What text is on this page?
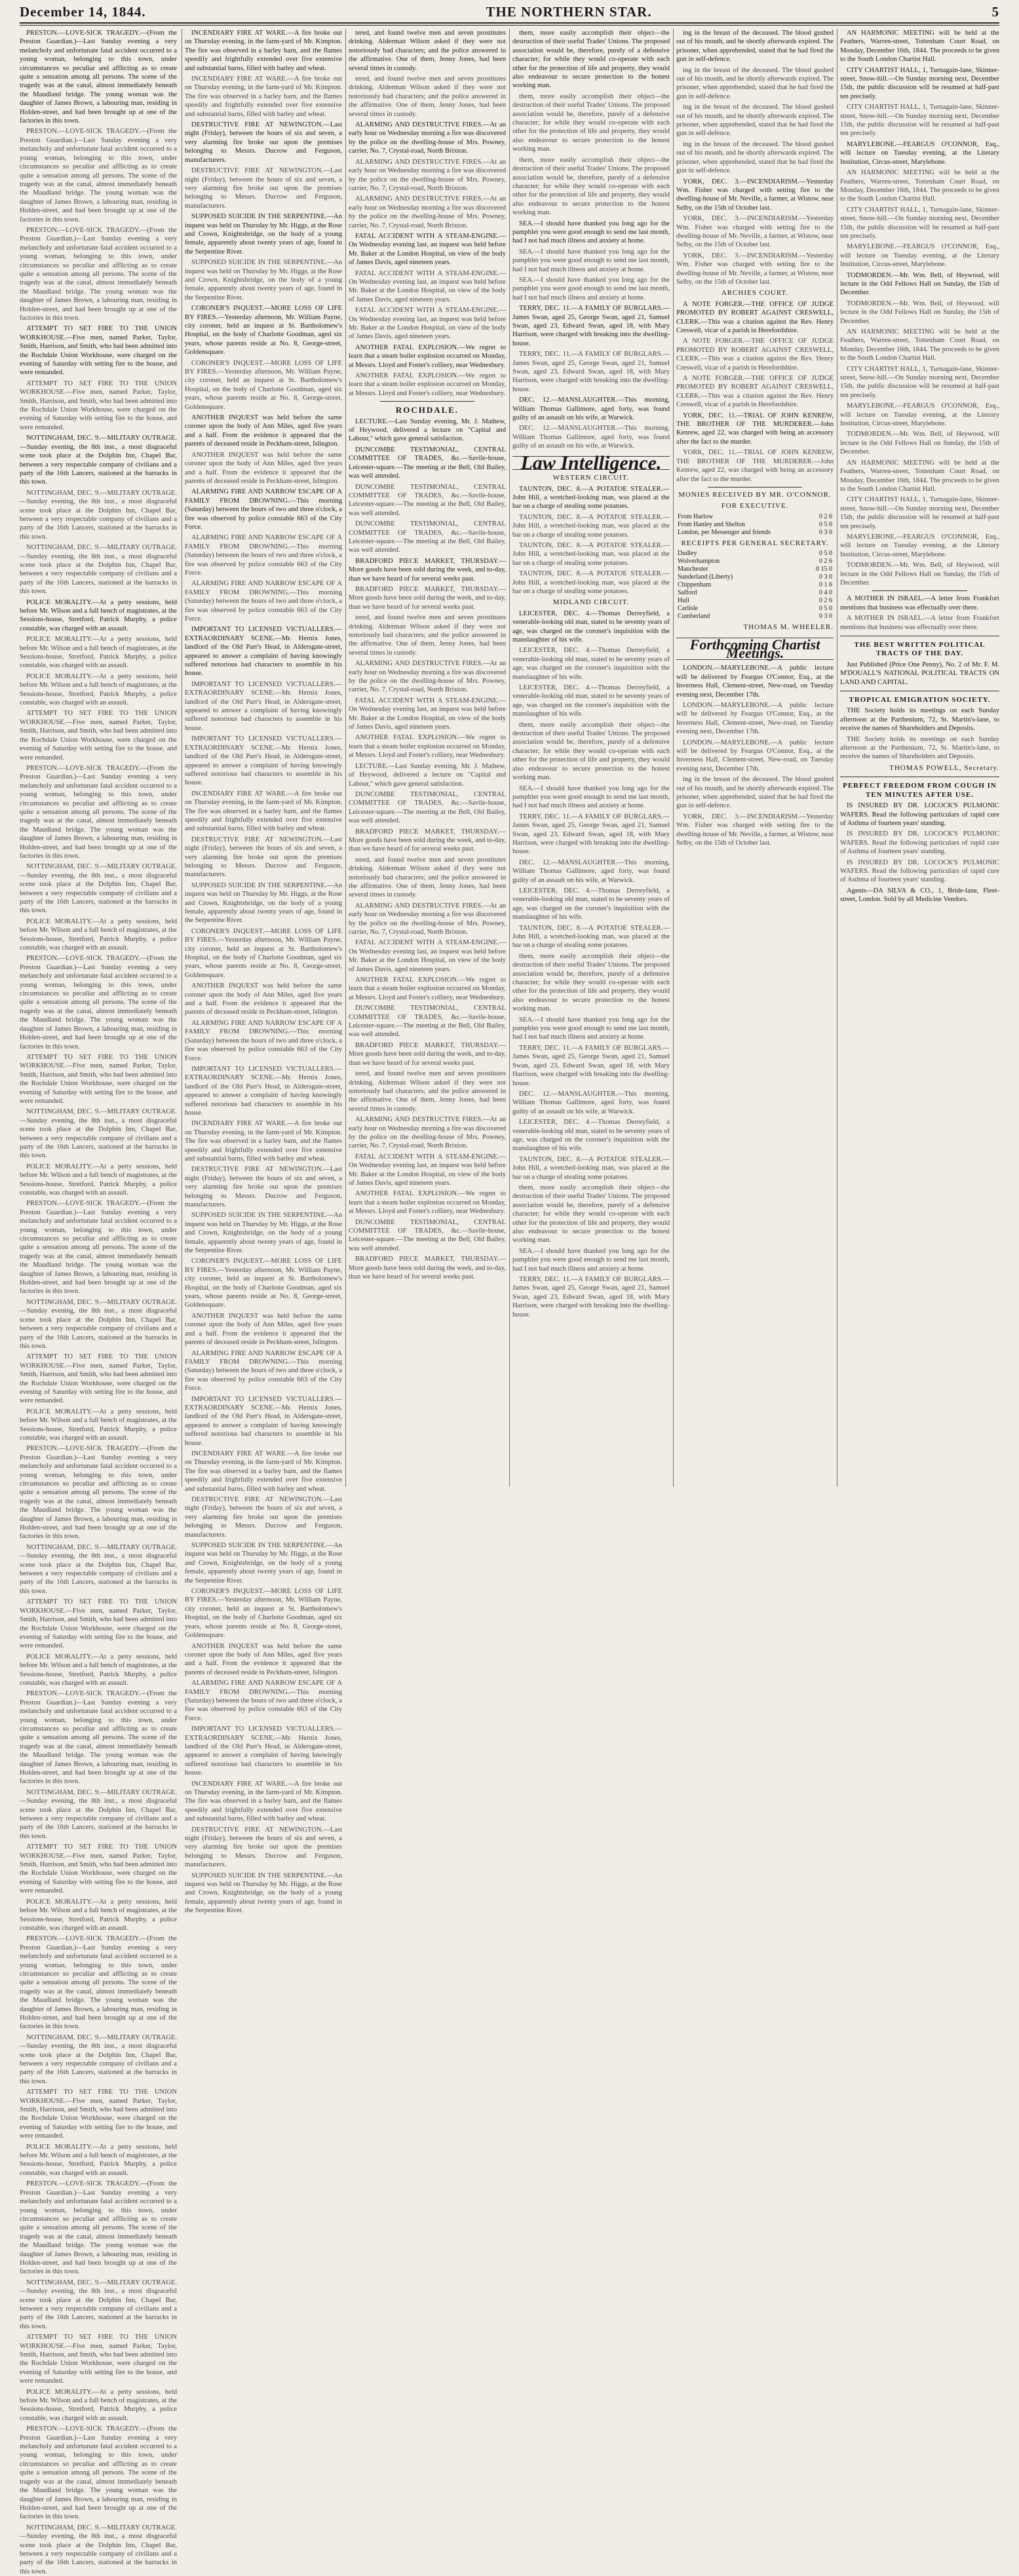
December 14, 1844.	THE NORTHERN STAR.	5

PRESTON.—LOVE-SICK TRAGEDY.—(From the Preston Guardian.)—Last Sunday evening a very melancholy and unfortunate fatal accident occurred to a young woman, belonging to this town, under circumstances so peculiar and afflicting as to create quite a sensation among all persons. The scene of the tragedy was at the canal, almost immediately beneath the Maudland bridge. The young woman was the daughter of James Brown, a labouring man, residing in Holden-street, and had been brought up at one of the factories in this town.

PRESTON.—LOVE-SICK TRAGEDY.—(From the Preston Guardian.)—Last Sunday evening a very melancholy and unfortunate fatal accident occurred to a young woman, belonging to this town, under circumstances so peculiar and afflicting as to create quite a sensation among all persons. The scene of the tragedy was at the canal, almost immediately beneath the Maudland bridge. The young woman was the daughter of James Brown, a labouring man, residing in Holden-street, and had been brought up at one of the factories in this town.

PRESTON.—LOVE-SICK TRAGEDY.—(From the Preston Guardian.)—Last Sunday evening a very melancholy and unfortunate fatal accident occurred to a young woman, belonging to this town, under circumstances so peculiar and afflicting as to create quite a sensation among all persons. The scene of the tragedy was at the canal, almost immediately beneath the Maudland bridge. The young woman was the daughter of James Brown, a labouring man, residing in Holden-street, and had been brought up at one of the factories in this town.

ATTEMPT TO SET FIRE TO THE UNION WORKHOUSE.—Five men, named Parker, Taylor, Smith, Harrison, and Smith, who had been admitted into the Rochdale Union Workhouse, were charged on the evening of Saturday with setting fire to the house, and were remanded.

ATTEMPT TO SET FIRE TO THE UNION WORKHOUSE.—Five men, named Parker, Taylor, Smith, Harrison, and Smith, who had been admitted into the Rochdale Union Workhouse, were charged on the evening of Saturday with setting fire to the house, and were remanded.

NOTTINGHAM, DEC. 9.—MILITARY OUTRAGE.—Sunday evening, the 8th inst., a most disgraceful scene took place at the Dolphin Inn, Chapel Bar, between a very respectable company of civilians and a party of the 16th Lancers, stationed at the barracks in this town.

NOTTINGHAM, DEC. 9.—MILITARY OUTRAGE.—Sunday evening, the 8th inst., a most disgraceful scene took place at the Dolphin Inn, Chapel Bar, between a very respectable company of civilians and a party of the 16th Lancers, stationed at the barracks in this town.

NOTTINGHAM, DEC. 9.—MILITARY OUTRAGE.—Sunday evening, the 8th inst., a most disgraceful scene took place at the Dolphin Inn, Chapel Bar, between a very respectable company of civilians and a party of the 16th Lancers, stationed at the barracks in this town.

POLICE MORALITY.—At a petty sessions, held before Mr. Wilson and a full bench of magistrates, at the Sessions-house, Stretford, Patrick Murphy, a police constable, was charged with an assault.

POLICE MORALITY.—At a petty sessions, held before Mr. Wilson and a full bench of magistrates, at the Sessions-house, Stretford, Patrick Murphy, a police constable, was charged with an assault.

POLICE MORALITY.—At a petty sessions, held before Mr. Wilson and a full bench of magistrates, at the Sessions-house, Stretford, Patrick Murphy, a police constable, was charged with an assault.

ATTEMPT TO SET FIRE TO THE UNION WORKHOUSE.—Five men, named Parker, Taylor, Smith, Harrison, and Smith, who had been admitted into the Rochdale Union Workhouse, were charged on the evening of Saturday with setting fire to the house, and were remanded.

PRESTON.—LOVE-SICK TRAGEDY.—(From the Preston Guardian.)—Last Sunday evening a very melancholy and unfortunate fatal accident occurred to a young woman, belonging to this town, under circumstances so peculiar and afflicting as to create quite a sensation among all persons. The scene of the tragedy was at the canal, almost immediately beneath the Maudland bridge. The young woman was the daughter of James Brown, a labouring man, residing in Holden-street, and had been brought up at one of the factories in this town.

NOTTINGHAM, DEC. 9.—MILITARY OUTRAGE.—Sunday evening, the 8th inst., a most disgraceful scene took place at the Dolphin Inn, Chapel Bar, between a very respectable company of civilians and a party of the 16th Lancers, stationed at the barracks in this town.

POLICE MORALITY.—At a petty sessions, held before Mr. Wilson and a full bench of magistrates, at the Sessions-house, Stretford, Patrick Murphy, a police constable, was charged with an assault.

PRESTON.—LOVE-SICK TRAGEDY.—(From the Preston Guardian.)—Last Sunday evening a very melancholy and unfortunate fatal accident occurred to a young woman, belonging to this town, under circumstances so peculiar and afflicting as to create quite a sensation among all persons. The scene of the tragedy was at the canal, almost immediately beneath the Maudland bridge. The young woman was the daughter of James Brown, a labouring man, residing in Holden-street, and had been brought up at one of the factories in this town.

ATTEMPT TO SET FIRE TO THE UNION WORKHOUSE.—Five men, named Parker, Taylor, Smith, Harrison, and Smith, who had been admitted into the Rochdale Union Workhouse, were charged on the evening of Saturday with setting fire to the house, and were remanded.

NOTTINGHAM, DEC. 9.—MILITARY OUTRAGE.—Sunday evening, the 8th inst., a most disgraceful scene took place at the Dolphin Inn, Chapel Bar, between a very respectable company of civilians and a party of the 16th Lancers, stationed at the barracks in this town.

POLICE MORALITY.—At a petty sessions, held before Mr. Wilson and a full bench of magistrates, at the Sessions-house, Stretford, Patrick Murphy, a police constable, was charged with an assault.

PRESTON.—LOVE-SICK TRAGEDY.—(From the Preston Guardian.)—Last Sunday evening a very melancholy and unfortunate fatal accident occurred to a young woman, belonging to this town, under circumstances so peculiar and afflicting as to create quite a sensation among all persons. The scene of the tragedy was at the canal, almost immediately beneath the Maudland bridge. The young woman was the daughter of James Brown, a labouring man, residing in Holden-street, and had been brought up at one of the factories in this town.

NOTTINGHAM, DEC. 9.—MILITARY OUTRAGE.—Sunday evening, the 8th inst., a most disgraceful scene took place at the Dolphin Inn, Chapel Bar, between a very respectable company of civilians and a party of the 16th Lancers, stationed at the barracks in this town.

ATTEMPT TO SET FIRE TO THE UNION WORKHOUSE.—Five men, named Parker, Taylor, Smith, Harrison, and Smith, who had been admitted into the Rochdale Union Workhouse, were charged on the evening of Saturday with setting fire to the house, and were remanded.

POLICE MORALITY.—At a petty sessions, held before Mr. Wilson and a full bench of magistrates, at the Sessions-house, Stretford, Patrick Murphy, a police constable, was charged with an assault.

PRESTON.—LOVE-SICK TRAGEDY.—(From the Preston Guardian.)—Last Sunday evening a very melancholy and unfortunate fatal accident occurred to a young woman, belonging to this town, under circumstances so peculiar and afflicting as to create quite a sensation among all persons. The scene of the tragedy was at the canal, almost immediately beneath the Maudland bridge. The young woman was the daughter of James Brown, a labouring man, residing in Holden-street, and had been brought up at one of the factories in this town.

NOTTINGHAM, DEC. 9.—MILITARY OUTRAGE.—Sunday evening, the 8th inst., a most disgraceful scene took place at the Dolphin Inn, Chapel Bar, between a very respectable company of civilians and a party of the 16th Lancers, stationed at the barracks in this town.

ATTEMPT TO SET FIRE TO THE UNION WORKHOUSE.—Five men, named Parker, Taylor, Smith, Harrison, and Smith, who had been admitted into the Rochdale Union Workhouse, were charged on the evening of Saturday with setting fire to the house, and were remanded.

POLICE MORALITY.—At a petty sessions, held before Mr. Wilson and a full bench of magistrates, at the Sessions-house, Stretford, Patrick Murphy, a police constable, was charged with an assault.

PRESTON.—LOVE-SICK TRAGEDY.—(From the Preston Guardian.)—Last Sunday evening a very melancholy and unfortunate fatal accident occurred to a young woman, belonging to this town, under circumstances so peculiar and afflicting as to create quite a sensation among all persons. The scene of the tragedy was at the canal, almost immediately beneath the Maudland bridge. The young woman was the daughter of James Brown, a labouring man, residing in Holden-street, and had been brought up at one of the factories in this town.

NOTTINGHAM, DEC. 9.—MILITARY OUTRAGE.—Sunday evening, the 8th inst., a most disgraceful scene took place at the Dolphin Inn, Chapel Bar, between a very respectable company of civilians and a party of the 16th Lancers, stationed at the barracks in this town.

ATTEMPT TO SET FIRE TO THE UNION WORKHOUSE.—Five men, named Parker, Taylor, Smith, Harrison, and Smith, who had been admitted into the Rochdale Union Workhouse, were charged on the evening of Saturday with setting fire to the house, and were remanded.

POLICE MORALITY.—At a petty sessions, held before Mr. Wilson and a full bench of magistrates, at the Sessions-house, Stretford, Patrick Murphy, a police constable, was charged with an assault.

PRESTON.—LOVE-SICK TRAGEDY.—(From the Preston Guardian.)—Last Sunday evening a very melancholy and unfortunate fatal accident occurred to a young woman, belonging to this town, under circumstances so peculiar and afflicting as to create quite a sensation among all persons. The scene of the tragedy was at the canal, almost immediately beneath the Maudland bridge. The young woman was the daughter of James Brown, a labouring man, residing in Holden-street, and had been brought up at one of the factories in this town.

NOTTINGHAM, DEC. 9.—MILITARY OUTRAGE.—Sunday evening, the 8th inst., a most disgraceful scene took place at the Dolphin Inn, Chapel Bar, between a very respectable company of civilians and a party of the 16th Lancers, stationed at the barracks in this town.

ATTEMPT TO SET FIRE TO THE UNION WORKHOUSE.—Five men, named Parker, Taylor, Smith, Harrison, and Smith, who had been admitted into the Rochdale Union Workhouse, were charged on the evening of Saturday with setting fire to the house, and were remanded.

POLICE MORALITY.—At a petty sessions, held before Mr. Wilson and a full bench of magistrates, at the Sessions-house, Stretford, Patrick Murphy, a police constable, was charged with an assault.

PRESTON.—LOVE-SICK TRAGEDY.—(From the Preston Guardian.)—Last Sunday evening a very melancholy and unfortunate fatal accident occurred to a young woman, belonging to this town, under circumstances so peculiar and afflicting as to create quite a sensation among all persons. The scene of the tragedy was at the canal, almost immediately beneath the Maudland bridge. The young woman was the daughter of James Brown, a labouring man, residing in Holden-street, and had been brought up at one of the factories in this town.

NOTTINGHAM, DEC. 9.—MILITARY OUTRAGE.—Sunday evening, the 8th inst., a most disgraceful scene took place at the Dolphin Inn, Chapel Bar, between a very respectable company of civilians and a party of the 16th Lancers, stationed at the barracks in this town.

ATTEMPT TO SET FIRE TO THE UNION WORKHOUSE.—Five men, named Parker, Taylor, Smith, Harrison, and Smith, who had been admitted into the Rochdale Union Workhouse, were charged on the evening of Saturday with setting fire to the house, and were remanded.

POLICE MORALITY.—At a petty sessions, held before Mr. Wilson and a full bench of magistrates, at the Sessions-house, Stretford, Patrick Murphy, a police constable, was charged with an assault.

PRESTON.—LOVE-SICK TRAGEDY.—(From the Preston Guardian.)—Last Sunday evening a very melancholy and unfortunate fatal accident occurred to a young woman, belonging to this town, under circumstances so peculiar and afflicting as to create quite a sensation among all persons. The scene of the tragedy was at the canal, almost immediately beneath the Maudland bridge. The young woman was the daughter of James Brown, a labouring man, residing in Holden-street, and had been brought up at one of the factories in this town.

NOTTINGHAM, DEC. 9.—MILITARY OUTRAGE.—Sunday evening, the 8th inst., a most disgraceful scene took place at the Dolphin Inn, Chapel Bar, between a very respectable company of civilians and a party of the 16th Lancers, stationed at the barracks in this town.

INCENDIARY FIRE AT WARE.—A fire broke out on Thursday evening, in the farm-yard of Mr. Kimpton. The fire was observed in a barley barn, and the flames speedily and frightfully extended over five extensive and substantial barns, filled with barley and wheat.

INCENDIARY FIRE AT WARE.—A fire broke out on Thursday evening, in the farm-yard of Mr. Kimpton. The fire was observed in a barley barn, and the flames speedily and frightfully extended over five extensive and substantial barns, filled with barley and wheat.

DESTRUCTIVE FIRE AT NEWINGTON.—Last night (Friday), between the hours of six and seven, a very alarming fire broke out upon the premises belonging to Messrs. Ducrow and Ferguson, manufacturers.

DESTRUCTIVE FIRE AT NEWINGTON.—Last night (Friday), between the hours of six and seven, a very alarming fire broke out upon the premises belonging to Messrs. Ducrow and Ferguson, manufacturers.

SUPPOSED SUICIDE IN THE SERPENTINE.—An inquest was held on Thursday by Mr. Higgs, at the Rose and Crown, Knightsbridge, on the body of a young female, apparently about twenty years of age, found in the Serpentine River.

SUPPOSED SUICIDE IN THE SERPENTINE.—An inquest was held on Thursday by Mr. Higgs, at the Rose and Crown, Knightsbridge, on the body of a young female, apparently about twenty years of age, found in the Serpentine River.

CORONER'S INQUEST.—MORE LOSS OF LIFE BY FIRES.—Yesterday afternoon, Mr. William Payne, city coroner, held an inquest at St. Bartholomew's Hospital, on the body of Charlotte Goodman, aged six years, whose parents reside at No. 8, George-street, Goldensquare.

CORONER'S INQUEST.—MORE LOSS OF LIFE BY FIRES.—Yesterday afternoon, Mr. William Payne, city coroner, held an inquest at St. Bartholomew's Hospital, on the body of Charlotte Goodman, aged six years, whose parents reside at No. 8, George-street, Goldensquare.

ANOTHER INQUEST was held before the same coroner upon the body of Ann Miles, aged five years and a half. From the evidence it appeared that the parents of deceased reside in Peckham-street, Islington.

ANOTHER INQUEST was held before the same coroner upon the body of Ann Miles, aged five years and a half. From the evidence it appeared that the parents of deceased reside in Peckham-street, Islington.

ALARMING FIRE AND NARROW ESCAPE OF A FAMILY FROM DROWNING.—This morning (Saturday) between the hours of two and three o'clock, a fire was observed by police constable 663 of the City Force.

ALARMING FIRE AND NARROW ESCAPE OF A FAMILY FROM DROWNING.—This morning (Saturday) between the hours of two and three o'clock, a fire was observed by police constable 663 of the City Force.

ALARMING FIRE AND NARROW ESCAPE OF A FAMILY FROM DROWNING.—This morning (Saturday) between the hours of two and three o'clock, a fire was observed by police constable 663 of the City Force.

IMPORTANT TO LICENSED VICTUALLERS.—EXTRAORDINARY SCENE.—Mr. Hernix Jones, landlord of the Old Parr's Head, in Aldersgate-street, appeared to answer a complaint of having knowingly suffered notorious bad characters to assemble in his house.

IMPORTANT TO LICENSED VICTUALLERS.—EXTRAORDINARY SCENE.—Mr. Hernix Jones, landlord of the Old Parr's Head, in Aldersgate-street, appeared to answer a complaint of having knowingly suffered notorious bad characters to assemble in his house.

IMPORTANT TO LICENSED VICTUALLERS.—EXTRAORDINARY SCENE.—Mr. Hernix Jones, landlord of the Old Parr's Head, in Aldersgate-street, appeared to answer a complaint of having knowingly suffered notorious bad characters to assemble in his house.

INCENDIARY FIRE AT WARE.—A fire broke out on Thursday evening, in the farm-yard of Mr. Kimpton. The fire was observed in a barley barn, and the flames speedily and frightfully extended over five extensive and substantial barns, filled with barley and wheat.

DESTRUCTIVE FIRE AT NEWINGTON.—Last night (Friday), between the hours of six and seven, a very alarming fire broke out upon the premises belonging to Messrs. Ducrow and Ferguson, manufacturers.

SUPPOSED SUICIDE IN THE SERPENTINE.—An inquest was held on Thursday by Mr. Higgs, at the Rose and Crown, Knightsbridge, on the body of a young female, apparently about twenty years of age, found in the Serpentine River.

CORONER'S INQUEST.—MORE LOSS OF LIFE BY FIRES.—Yesterday afternoon, Mr. William Payne, city coroner, held an inquest at St. Bartholomew's Hospital, on the body of Charlotte Goodman, aged six years, whose parents reside at No. 8, George-street, Goldensquare.

ANOTHER INQUEST was held before the same coroner upon the body of Ann Miles, aged five years and a half. From the evidence it appeared that the parents of deceased reside in Peckham-street, Islington.

ALARMING FIRE AND NARROW ESCAPE OF A FAMILY FROM DROWNING.—This morning (Saturday) between the hours of two and three o'clock, a fire was observed by police constable 663 of the City Force.

IMPORTANT TO LICENSED VICTUALLERS.—EXTRAORDINARY SCENE.—Mr. Hernix Jones, landlord of the Old Parr's Head, in Aldersgate-street, appeared to answer a complaint of having knowingly suffered notorious bad characters to assemble in his house.

INCENDIARY FIRE AT WARE.—A fire broke out on Thursday evening, in the farm-yard of Mr. Kimpton. The fire was observed in a barley barn, and the flames speedily and frightfully extended over five extensive and substantial barns, filled with barley and wheat.

DESTRUCTIVE FIRE AT NEWINGTON.—Last night (Friday), between the hours of six and seven, a very alarming fire broke out upon the premises belonging to Messrs. Ducrow and Ferguson, manufacturers.

SUPPOSED SUICIDE IN THE SERPENTINE.—An inquest was held on Thursday by Mr. Higgs, at the Rose and Crown, Knightsbridge, on the body of a young female, apparently about twenty years of age, found in the Serpentine River.

CORONER'S INQUEST.—MORE LOSS OF LIFE BY FIRES.—Yesterday afternoon, Mr. William Payne, city coroner, held an inquest at St. Bartholomew's Hospital, on the body of Charlotte Goodman, aged six years, whose parents reside at No. 8, George-street, Goldensquare.

ANOTHER INQUEST was held before the same coroner upon the body of Ann Miles, aged five years and a half. From the evidence it appeared that the parents of deceased reside in Peckham-street, Islington.

ALARMING FIRE AND NARROW ESCAPE OF A FAMILY FROM DROWNING.—This morning (Saturday) between the hours of two and three o'clock, a fire was observed by police constable 663 of the City Force.

IMPORTANT TO LICENSED VICTUALLERS.—EXTRAORDINARY SCENE.—Mr. Hernix Jones, landlord of the Old Parr's Head, in Aldersgate-street, appeared to answer a complaint of having knowingly suffered notorious bad characters to assemble in his house.

INCENDIARY FIRE AT WARE.—A fire broke out on Thursday evening, in the farm-yard of Mr. Kimpton. The fire was observed in a barley barn, and the flames speedily and frightfully extended over five extensive and substantial barns, filled with barley and wheat.

DESTRUCTIVE FIRE AT NEWINGTON.—Last night (Friday), between the hours of six and seven, a very alarming fire broke out upon the premises belonging to Messrs. Ducrow and Ferguson, manufacturers.

SUPPOSED SUICIDE IN THE SERPENTINE.—An inquest was held on Thursday by Mr. Higgs, at the Rose and Crown, Knightsbridge, on the body of a young female, apparently about twenty years of age, found in the Serpentine River.

CORONER'S INQUEST.—MORE LOSS OF LIFE BY FIRES.—Yesterday afternoon, Mr. William Payne, city coroner, held an inquest at St. Bartholomew's Hospital, on the body of Charlotte Goodman, aged six years, whose parents reside at No. 8, George-street, Goldensquare.

ANOTHER INQUEST was held before the same coroner upon the body of Ann Miles, aged five years and a half. From the evidence it appeared that the parents of deceased reside in Peckham-street, Islington.

ALARMING FIRE AND NARROW ESCAPE OF A FAMILY FROM DROWNING.—This morning (Saturday) between the hours of two and three o'clock, a fire was observed by police constable 663 of the City Force.

IMPORTANT TO LICENSED VICTUALLERS.—EXTRAORDINARY SCENE.—Mr. Hernix Jones, landlord of the Old Parr's Head, in Aldersgate-street, appeared to answer a complaint of having knowingly suffered notorious bad characters to assemble in his house.

INCENDIARY FIRE AT WARE.—A fire broke out on Thursday evening, in the farm-yard of Mr. Kimpton. The fire was observed in a barley barn, and the flames speedily and frightfully extended over five extensive and substantial barns, filled with barley and wheat.

DESTRUCTIVE FIRE AT NEWINGTON.—Last night (Friday), between the hours of six and seven, a very alarming fire broke out upon the premises belonging to Messrs. Ducrow and Ferguson, manufacturers.

SUPPOSED SUICIDE IN THE SERPENTINE.—An inquest was held on Thursday by Mr. Higgs, at the Rose and Crown, Knightsbridge, on the body of a young female, apparently about twenty years of age, found in the Serpentine River.

tered, and found twelve men and seven prostitutes drinking. Alderman Wilson asked if they were not notoriously bad characters; and the police answered in the affirmative. One of them, Jenny Jones, had been several times in custody.

tered, and found twelve men and seven prostitutes drinking. Alderman Wilson asked if they were not notoriously bad characters; and the police answered in the affirmative. One of them, Jenny Jones, had been several times in custody.

ALARMING AND DESTRUCTIVE FIRES.—At an early hour on Wednesday morning a fire was discovered by the police on the dwelling-house of Mrs. Powney, carrier, No. 7, Crystal-road, North Brixton.

ALARMING AND DESTRUCTIVE FIRES.—At an early hour on Wednesday morning a fire was discovered by the police on the dwelling-house of Mrs. Powney, carrier, No. 7, Crystal-road, North Brixton.

ALARMING AND DESTRUCTIVE FIRES.—At an early hour on Wednesday morning a fire was discovered by the police on the dwelling-house of Mrs. Powney, carrier, No. 7, Crystal-road, North Brixton.

FATAL ACCIDENT WITH A STEAM-ENGINE.—On Wednesday evening last, an inquest was held before Mr. Baker at the London Hospital, on view of the body of James Davis, aged nineteen years.

FATAL ACCIDENT WITH A STEAM-ENGINE.—On Wednesday evening last, an inquest was held before Mr. Baker at the London Hospital, on view of the body of James Davis, aged nineteen years.

FATAL ACCIDENT WITH A STEAM-ENGINE.—On Wednesday evening last, an inquest was held before Mr. Baker at the London Hospital, on view of the body of James Davis, aged nineteen years.

ANOTHER FATAL EXPLOSION.—We regret to learn that a steam boiler explosion occurred on Monday, at Messrs. Lloyd and Foster's colliery, near Wednesbury.

ANOTHER FATAL EXPLOSION.—We regret to learn that a steam boiler explosion occurred on Monday, at Messrs. Lloyd and Foster's colliery, near Wednesbury.

ROCHDALE.

LECTURE.—Last Sunday evening, Mr. J. Mathew, of Heywood, delivered a lecture on "Capital and Labour," which gave general satisfaction.

DUNCOMBE TESTIMONIAL, CENTRAL COMMITTEE OF TRADES, &c.—Savile-house, Leicester-square.—The meeting at the Bell, Old Bailey, was well attended.

DUNCOMBE TESTIMONIAL, CENTRAL COMMITTEE OF TRADES, &c.—Savile-house, Leicester-square.—The meeting at the Bell, Old Bailey, was well attended.

DUNCOMBE TESTIMONIAL, CENTRAL COMMITTEE OF TRADES, &c.—Savile-house, Leicester-square.—The meeting at the Bell, Old Bailey, was well attended.

BRADFORD PIECE MARKET, THURSDAY.—More goods have been sold during the week, and to-day, than we have heard of for several weeks past.

BRADFORD PIECE MARKET, THURSDAY.—More goods have been sold during the week, and to-day, than we have heard of for several weeks past.

tered, and found twelve men and seven prostitutes drinking. Alderman Wilson asked if they were not notoriously bad characters; and the police answered in the affirmative. One of them, Jenny Jones, had been several times in custody.

ALARMING AND DESTRUCTIVE FIRES.—At an early hour on Wednesday morning a fire was discovered by the police on the dwelling-house of Mrs. Powney, carrier, No. 7, Crystal-road, North Brixton.

FATAL ACCIDENT WITH A STEAM-ENGINE.—On Wednesday evening last, an inquest was held before Mr. Baker at the London Hospital, on view of the body of James Davis, aged nineteen years.

ANOTHER FATAL EXPLOSION.—We regret to learn that a steam boiler explosion occurred on Monday, at Messrs. Lloyd and Foster's colliery, near Wednesbury.

LECTURE.—Last Sunday evening, Mr. J. Mathew, of Heywood, delivered a lecture on "Capital and Labour," which gave general satisfaction.

DUNCOMBE TESTIMONIAL, CENTRAL COMMITTEE OF TRADES, &c.—Savile-house, Leicester-square.—The meeting at the Bell, Old Bailey, was well attended.

BRADFORD PIECE MARKET, THURSDAY.—More goods have been sold during the week, and to-day, than we have heard of for several weeks past.

tered, and found twelve men and seven prostitutes drinking. Alderman Wilson asked if they were not notoriously bad characters; and the police answered in the affirmative. One of them, Jenny Jones, had been several times in custody.

ALARMING AND DESTRUCTIVE FIRES.—At an early hour on Wednesday morning a fire was discovered by the police on the dwelling-house of Mrs. Powney, carrier, No. 7, Crystal-road, North Brixton.

FATAL ACCIDENT WITH A STEAM-ENGINE.—On Wednesday evening last, an inquest was held before Mr. Baker at the London Hospital, on view of the body of James Davis, aged nineteen years.

ANOTHER FATAL EXPLOSION.—We regret to learn that a steam boiler explosion occurred on Monday, at Messrs. Lloyd and Foster's colliery, near Wednesbury.

DUNCOMBE TESTIMONIAL, CENTRAL COMMITTEE OF TRADES, &c.—Savile-house, Leicester-square.—The meeting at the Bell, Old Bailey, was well attended.

BRADFORD PIECE MARKET, THURSDAY.—More goods have been sold during the week, and to-day, than we have heard of for several weeks past.

tered, and found twelve men and seven prostitutes drinking. Alderman Wilson asked if they were not notoriously bad characters; and the police answered in the affirmative. One of them, Jenny Jones, had been several times in custody.

ALARMING AND DESTRUCTIVE FIRES.—At an early hour on Wednesday morning a fire was discovered by the police on the dwelling-house of Mrs. Powney, carrier, No. 7, Crystal-road, North Brixton.

FATAL ACCIDENT WITH A STEAM-ENGINE.—On Wednesday evening last, an inquest was held before Mr. Baker at the London Hospital, on view of the body of James Davis, aged nineteen years.

ANOTHER FATAL EXPLOSION.—We regret to learn that a steam boiler explosion occurred on Monday, at Messrs. Lloyd and Foster's colliery, near Wednesbury.

DUNCOMBE TESTIMONIAL, CENTRAL COMMITTEE OF TRADES, &c.—Savile-house, Leicester-square.—The meeting at the Bell, Old Bailey, was well attended.

BRADFORD PIECE MARKET, THURSDAY.—More goods have been sold during the week, and to-day, than we have heard of for several weeks past.

them, more easily accomplish their object—the destruction of their useful Trades' Unions. The proposed association would be, therefore, purely of a defensive character; for while they would co-operate with each other for the protection of life and property, they would also endeavour to secure protection to the honest working man.

them, more easily accomplish their object—the destruction of their useful Trades' Unions. The proposed association would be, therefore, purely of a defensive character; for while they would co-operate with each other for the protection of life and property, they would also endeavour to secure protection to the honest working man.

them, more easily accomplish their object—the destruction of their useful Trades' Unions. The proposed association would be, therefore, purely of a defensive character; for while they would co-operate with each other for the protection of life and property, they would also endeavour to secure protection to the honest working man.

SEA.—I should have thanked you long ago for the pamphlet you were good enough to send me last month, had I not had much illness and anxiety at home.

SEA.—I should have thanked you long ago for the pamphlet you were good enough to send me last month, had I not had much illness and anxiety at home.

SEA.—I should have thanked you long ago for the pamphlet you were good enough to send me last month, had I not had much illness and anxiety at home.

TERRY, DEC. 11.—A FAMILY OF BURGLARS.—James Swan, aged 25, George Swan, aged 21, Samuel Swan, aged 23, Edward Swan, aged 18, with Mary Harrison, were charged with breaking into the dwelling-house.

TERRY, DEC. 11.—A FAMILY OF BURGLARS.—James Swan, aged 25, George Swan, aged 21, Samuel Swan, aged 23, Edward Swan, aged 18, with Mary Harrison, were charged with breaking into the dwelling-house.

DEC. 12.—MANSLAUGHTER.—This morning, William Thomas Gallimore, aged forty, was found guilty of an assault on his wife, at Warwick.

DEC. 12.—MANSLAUGHTER.—This morning, William Thomas Gallimore, aged forty, was found guilty of an assault on his wife, at Warwick.

Law Intelligence.
WESTERN CIRCUIT.

TAUNTON, DEC. 8.—A POTATOE STEALER.—John Hill, a wretched-looking man, was placed at the bar on a charge of stealing some potatoes.

TAUNTON, DEC. 8.—A POTATOE STEALER.—John Hill, a wretched-looking man, was placed at the bar on a charge of stealing some potatoes.

TAUNTON, DEC. 8.—A POTATOE STEALER.—John Hill, a wretched-looking man, was placed at the bar on a charge of stealing some potatoes.

TAUNTON, DEC. 8.—A POTATOE STEALER.—John Hill, a wretched-looking man, was placed at the bar on a charge of stealing some potatoes.

MIDLAND CIRCUIT.

LEICESTER, DEC. 4.—Thomas Derreyfield, a venerable-looking old man, stated to be seventy years of age, was charged on the coroner's inquisition with the manslaughter of his wife.

LEICESTER, DEC. 4.—Thomas Derreyfield, a venerable-looking old man, stated to be seventy years of age, was charged on the coroner's inquisition with the manslaughter of his wife.

LEICESTER, DEC. 4.—Thomas Derreyfield, a venerable-looking old man, stated to be seventy years of age, was charged on the coroner's inquisition with the manslaughter of his wife.

them, more easily accomplish their object—the destruction of their useful Trades' Unions. The proposed association would be, therefore, purely of a defensive character; for while they would co-operate with each other for the protection of life and property, they would also endeavour to secure protection to the honest working man.

SEA.—I should have thanked you long ago for the pamphlet you were good enough to send me last month, had I not had much illness and anxiety at home.

TERRY, DEC. 11.—A FAMILY OF BURGLARS.—James Swan, aged 25, George Swan, aged 21, Samuel Swan, aged 23, Edward Swan, aged 18, with Mary Harrison, were charged with breaking into the dwelling-house.

DEC. 12.—MANSLAUGHTER.—This morning, William Thomas Gallimore, aged forty, was found guilty of an assault on his wife, at Warwick.

LEICESTER, DEC. 4.—Thomas Derreyfield, a venerable-looking old man, stated to be seventy years of age, was charged on the coroner's inquisition with the manslaughter of his wife.

TAUNTON, DEC. 8.—A POTATOE STEALER.—John Hill, a wretched-looking man, was placed at the bar on a charge of stealing some potatoes.

them, more easily accomplish their object—the destruction of their useful Trades' Unions. The proposed association would be, therefore, purely of a defensive character; for while they would co-operate with each other for the protection of life and property, they would also endeavour to secure protection to the honest working man.

SEA.—I should have thanked you long ago for the pamphlet you were good enough to send me last month, had I not had much illness and anxiety at home.

TERRY, DEC. 11.—A FAMILY OF BURGLARS.—James Swan, aged 25, George Swan, aged 21, Samuel Swan, aged 23, Edward Swan, aged 18, with Mary Harrison, were charged with breaking into the dwelling-house.

DEC. 12.—MANSLAUGHTER.—This morning, William Thomas Gallimore, aged forty, was found guilty of an assault on his wife, at Warwick.

LEICESTER, DEC. 4.—Thomas Derreyfield, a venerable-looking old man, stated to be seventy years of age, was charged on the coroner's inquisition with the manslaughter of his wife.

TAUNTON, DEC. 8.—A POTATOE STEALER.—John Hill, a wretched-looking man, was placed at the bar on a charge of stealing some potatoes.

them, more easily accomplish their object—the destruction of their useful Trades' Unions. The proposed association would be, therefore, purely of a defensive character; for while they would co-operate with each other for the protection of life and property, they would also endeavour to secure protection to the honest working man.

SEA.—I should have thanked you long ago for the pamphlet you were good enough to send me last month, had I not had much illness and anxiety at home.

TERRY, DEC. 11.—A FAMILY OF BURGLARS.—James Swan, aged 25, George Swan, aged 21, Samuel Swan, aged 23, Edward Swan, aged 18, with Mary Harrison, were charged with breaking into the dwelling-house.

ing in the breast of the deceased. The blood gushed out of his mouth, and he shortly afterwards expired. The prisoner, when apprehended, stated that he had fired the gun in self-defence.

ing in the breast of the deceased. The blood gushed out of his mouth, and he shortly afterwards expired. The prisoner, when apprehended, stated that he had fired the gun in self-defence.

ing in the breast of the deceased. The blood gushed out of his mouth, and he shortly afterwards expired. The prisoner, when apprehended, stated that he had fired the gun in self-defence.

ing in the breast of the deceased. The blood gushed out of his mouth, and he shortly afterwards expired. The prisoner, when apprehended, stated that he had fired the gun in self-defence.

YORK, DEC. 3.—INCENDIARISM.—Yesterday Wm. Fisher was charged with setting fire to the dwelling-house of Mr. Neville, a farmer, at Wistow, near Selby, on the 15th of October last.

YORK, DEC. 3.—INCENDIARISM.—Yesterday Wm. Fisher was charged with setting fire to the dwelling-house of Mr. Neville, a farmer, at Wistow, near Selby, on the 15th of October last.

YORK, DEC. 3.—INCENDIARISM.—Yesterday Wm. Fisher was charged with setting fire to the dwelling-house of Mr. Neville, a farmer, at Wistow, near Selby, on the 15th of October last.

ARCHIES COURT.

A NOTE FORGER.—THE OFFICE OF JUDGE PROMOTED BY ROBERT AGAINST CRESWELL, CLERK.—This was a citation against the Rev. Henry Creswell, vicar of a parish in Herefordshire.

A NOTE FORGER.—THE OFFICE OF JUDGE PROMOTED BY ROBERT AGAINST CRESWELL, CLERK.—This was a citation against the Rev. Henry Creswell, vicar of a parish in Herefordshire.

A NOTE FORGER.—THE OFFICE OF JUDGE PROMOTED BY ROBERT AGAINST CRESWELL, CLERK.—This was a citation against the Rev. Henry Creswell, vicar of a parish in Herefordshire.

YORK, DEC. 11.—TRIAL OF JOHN KENREW, THE BROTHER OF THE MURDERER.—John Kenrew, aged 22, was charged with being an accessory after the fact to the murder.

YORK, DEC. 11.—TRIAL OF JOHN KENREW, THE BROTHER OF THE MURDERER.—John Kenrew, aged 22, was charged with being an accessory after the fact to the murder.

MONIES RECEIVED BY MR. O'CONNOR.
FOR EXECUTIVE.
From Harlow	0 2 6
From Hanley and Shelton	0 5 0
London, per Messenger and friends	0 3 0
RECEIPTS PER GENERAL SECRETARY.
Dudley	0 5 0
Wolverhampton	0 2 6
Manchester	0 15 0
Sunderland (Liberty)	0 3 0
Chippenham	0 1 6
Salford	0 4 0
Hull	0 2 6
Carlisle	0 5 0
Cumberland	0 3 0
THOMAS M. WHEELER.
Forthcoming Chartist Meetings.

LONDON.—MARYLEBONE.—A public lecture will be delivered by Feargus O'Connor, Esq., at the Inverness Hall, Clement-street, New-road, on Tuesday evening next, December 17th.

LONDON.—MARYLEBONE.—A public lecture will be delivered by Feargus O'Connor, Esq., at the Inverness Hall, Clement-street, New-road, on Tuesday evening next, December 17th.

LONDON.—MARYLEBONE.—A public lecture will be delivered by Feargus O'Connor, Esq., at the Inverness Hall, Clement-street, New-road, on Tuesday evening next, December 17th.

ing in the breast of the deceased. The blood gushed out of his mouth, and he shortly afterwards expired. The prisoner, when apprehended, stated that he had fired the gun in self-defence.

YORK, DEC. 3.—INCENDIARISM.—Yesterday Wm. Fisher was charged with setting fire to the dwelling-house of Mr. Neville, a farmer, at Wistow, near Selby, on the 15th of October last.

AN HARMONIC MEETING will be held at the Feathers, Warren-street, Tottenham Court Road, on Monday, December 16th, 1844. The proceeds to be given to the South London Chartist Hall.

CITY CHARTIST HALL, 1, Turnagain-lane, Skinner-street, Snow-hill.—On Sunday morning next, December 15th, the public discussion will be resumed at half-past ten precisely.

CITY CHARTIST HALL, 1, Turnagain-lane, Skinner-street, Snow-hill.—On Sunday morning next, December 15th, the public discussion will be resumed at half-past ten precisely.

MARYLEBONE.—FEARGUS O'CONNOR, Esq., will lecture on Tuesday evening, at the Literary Institution, Circus-street, Marylebone.

AN HARMONIC MEETING will be held at the Feathers, Warren-street, Tottenham Court Road, on Monday, December 16th, 1844. The proceeds to be given to the South London Chartist Hall.

CITY CHARTIST HALL, 1, Turnagain-lane, Skinner-street, Snow-hill.—On Sunday morning next, December 15th, the public discussion will be resumed at half-past ten precisely.

MARYLEBONE.—FEARGUS O'CONNOR, Esq., will lecture on Tuesday evening, at the Literary Institution, Circus-street, Marylebone.

TODMORDEN.—Mr. Wm. Bell, of Heywood, will lecture in the Odd Fellows Hall on Sunday, the 15th of December.

TODMORDEN.—Mr. Wm. Bell, of Heywood, will lecture in the Odd Fellows Hall on Sunday, the 15th of December.

AN HARMONIC MEETING will be held at the Feathers, Warren-street, Tottenham Court Road, on Monday, December 16th, 1844. The proceeds to be given to the South London Chartist Hall.

CITY CHARTIST HALL, 1, Turnagain-lane, Skinner-street, Snow-hill.—On Sunday morning next, December 15th, the public discussion will be resumed at half-past ten precisely.

MARYLEBONE.—FEARGUS O'CONNOR, Esq., will lecture on Tuesday evening, at the Literary Institution, Circus-street, Marylebone.

TODMORDEN.—Mr. Wm. Bell, of Heywood, will lecture in the Odd Fellows Hall on Sunday, the 15th of December.

AN HARMONIC MEETING will be held at the Feathers, Warren-street, Tottenham Court Road, on Monday, December 16th, 1844. The proceeds to be given to the South London Chartist Hall.

CITY CHARTIST HALL, 1, Turnagain-lane, Skinner-street, Snow-hill.—On Sunday morning next, December 15th, the public discussion will be resumed at half-past ten precisely.

MARYLEBONE.—FEARGUS O'CONNOR, Esq., will lecture on Tuesday evening, at the Literary Institution, Circus-street, Marylebone.

TODMORDEN.—Mr. Wm. Bell, of Heywood, will lecture in the Odd Fellows Hall on Sunday, the 15th of December.

A MOTHER IN ISRAEL.—A letter from Frankfort mentions that business was effectually over there.

A MOTHER IN ISRAEL.—A letter from Frankfort mentions that business was effectually over there.

THE BEST WRITTEN POLITICAL TRACTS OF THE DAY.

Just Published (Price One Penny), No. 2 of Mr. F. M. M'DOUALL'S NATIONAL POLITICAL TRACTS ON LAND AND CAPITAL.

TROPICAL EMIGRATION SOCIETY.

THE Society holds its meetings on each Sunday afternoon at the Parthenium, 72, St. Martin's-lane, to receive the names of Shareholders and Deposits.

THE Society holds its meetings on each Sunday afternoon at the Parthenium, 72, St. Martin's-lane, to receive the names of Shareholders and Deposits.

THOMAS POWELL, Secretary.
PERFECT FREEDOM FROM COUGH IN TEN MINUTES AFTER USE.

IS INSURED BY DR. LOCOCK'S PULMONIC WAFERS. Read the following particulars of rapid cure of Asthma of fourteen years' standing.

IS INSURED BY DR. LOCOCK'S PULMONIC WAFERS. Read the following particulars of rapid cure of Asthma of fourteen years' standing.

IS INSURED BY DR. LOCOCK'S PULMONIC WAFERS. Read the following particulars of rapid cure of Asthma of fourteen years' standing.

Agents—DA SILVA & CO., 1, Bride-lane, Fleet-street, London. Sold by all Medicine Vendors.
